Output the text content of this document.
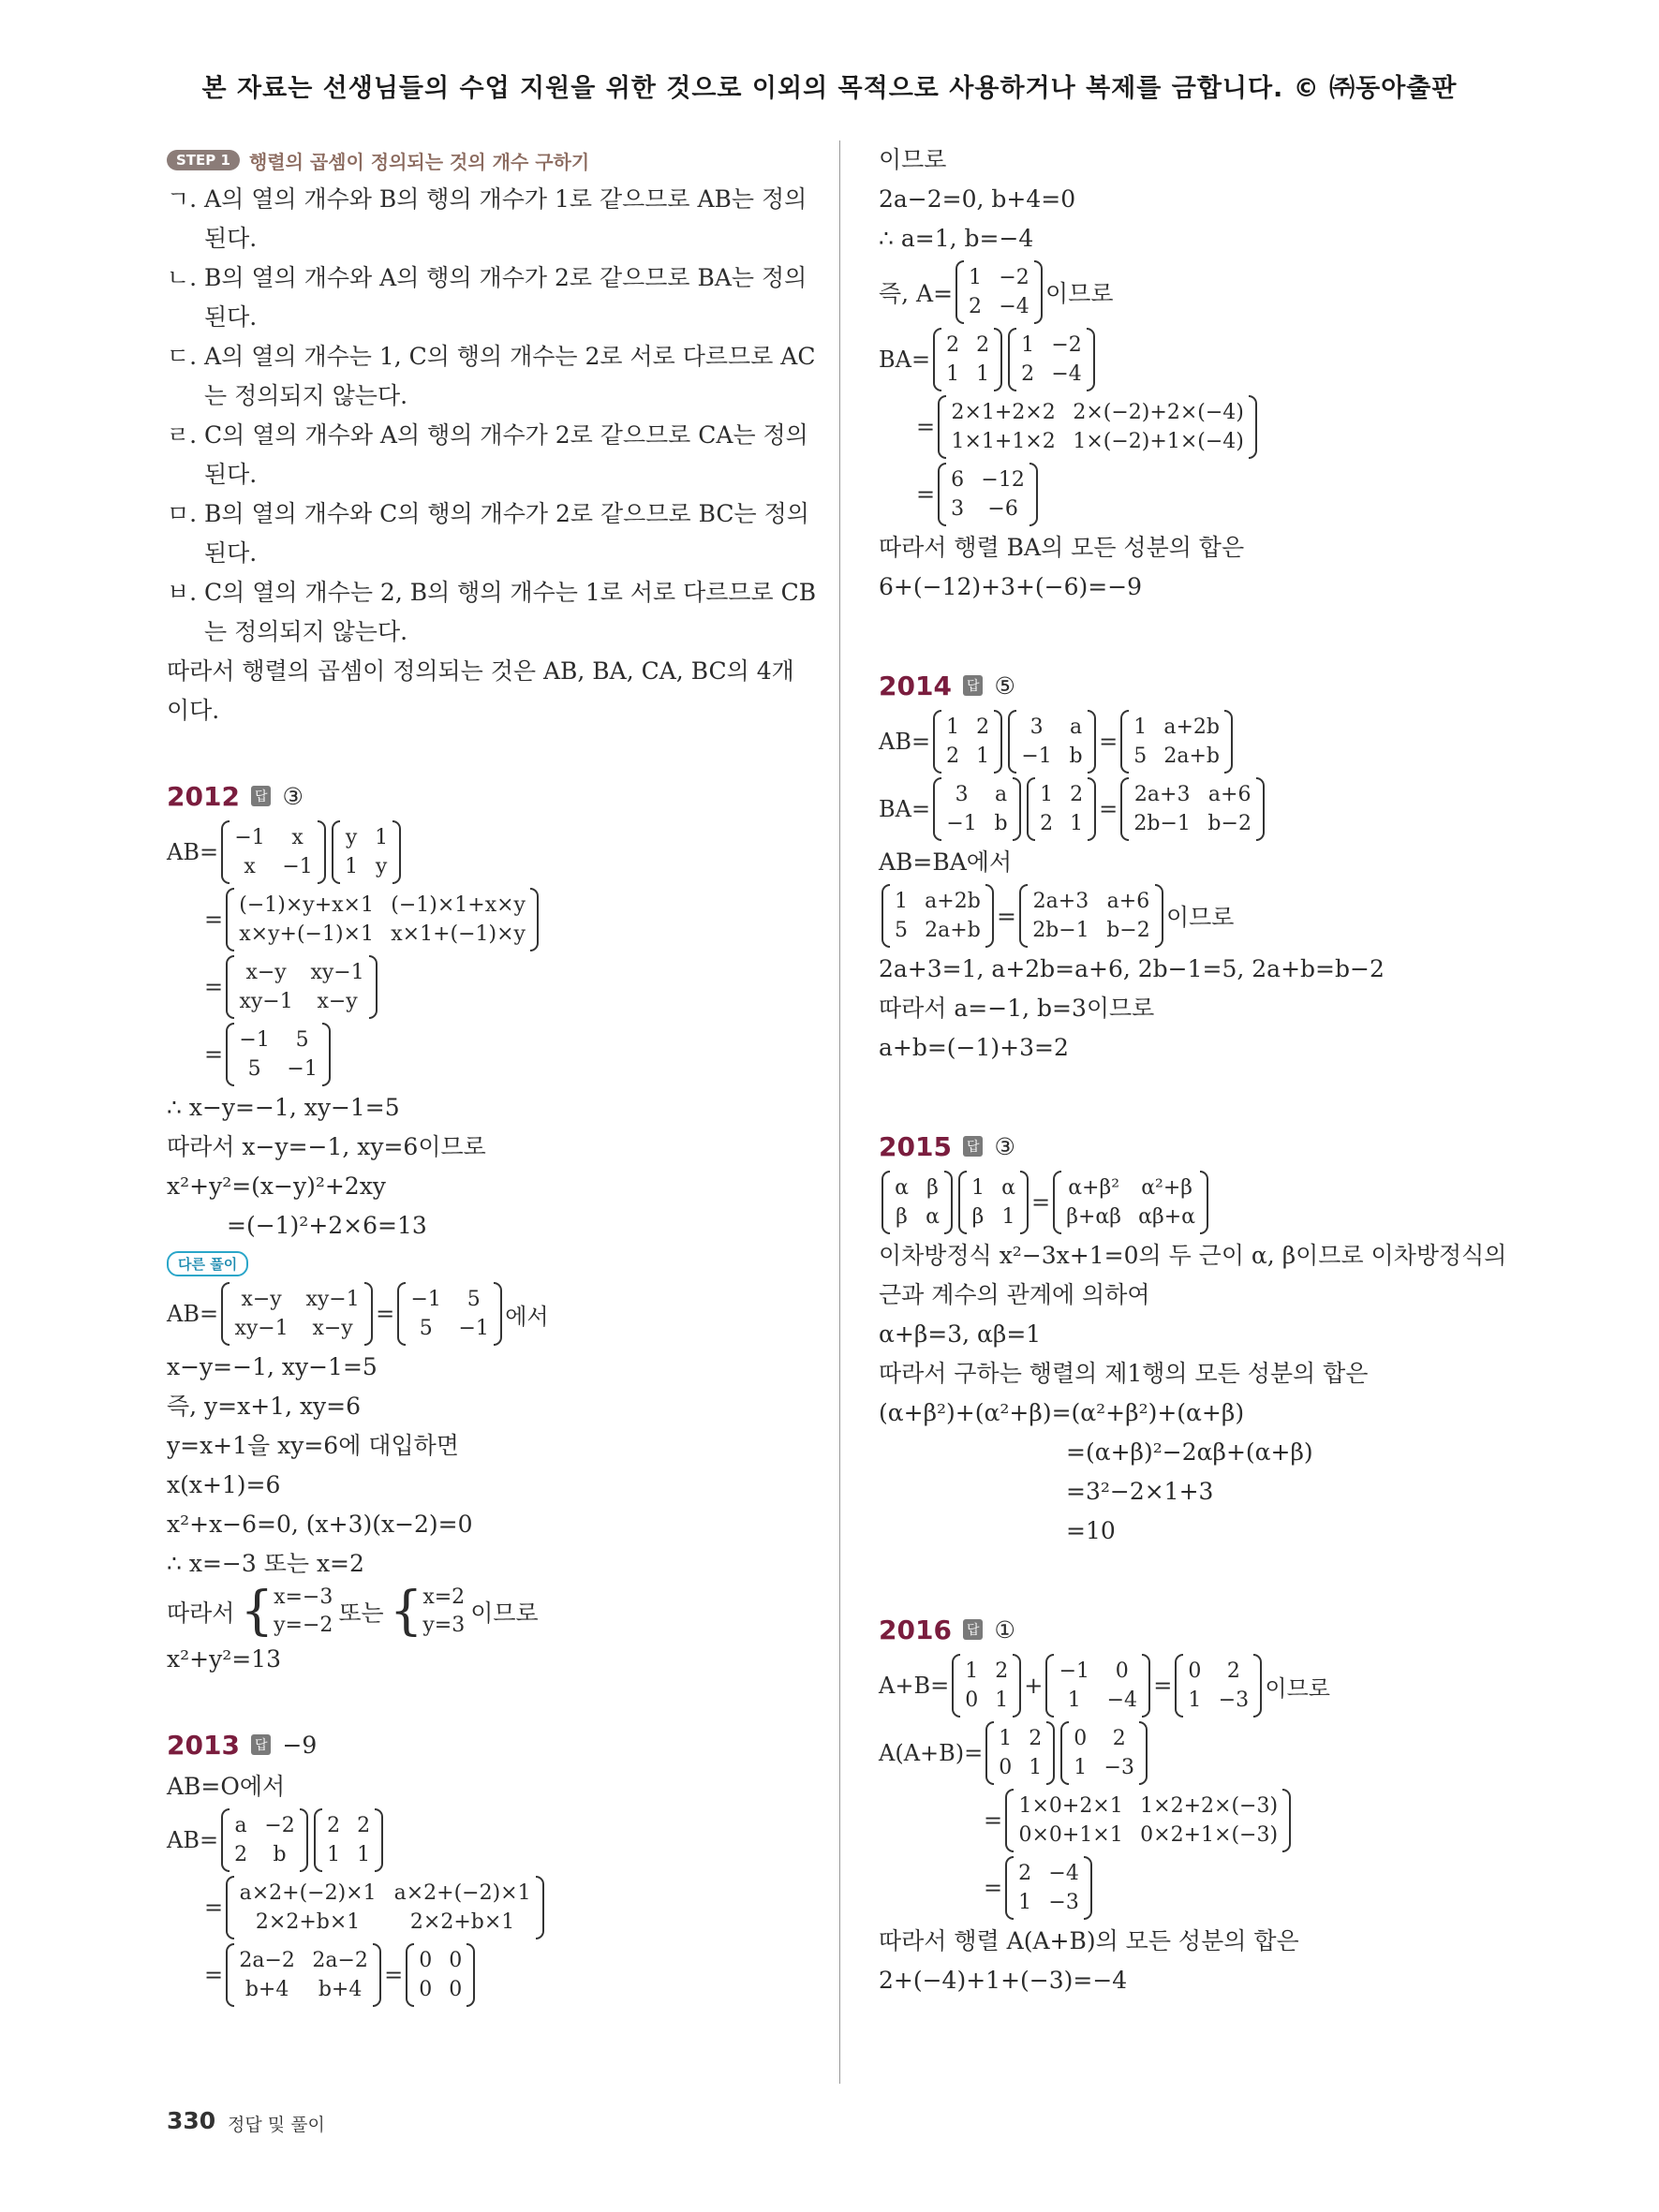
본 자료는 선생님들의 수업 지원을 위한 것으로 이외의 목적으로 사용하거나 복제를 금합니다. © ㈜동아출판
STEP 1	행렬의 곱셈이 정의되는 것의 개수 구하기
ㄱ. A의 열의 개수와 B의 행의 개수가 1로 같으므로 AB는 정의
된다.
ㄴ. B의 열의 개수와 A의 행의 개수가 2로 같으므로 BA는 정의
된다.
ㄷ. A의 열의 개수는 1, C의 행의 개수는 2로 서로 다르므로 AC
는 정의되지 않는다.
ㄹ. C의 열의 개수와 A의 행의 개수가 2로 같으므로 CA는 정의
된다.
ㅁ. B의 열의 개수와 C의 행의 개수가 2로 같으므로 BC는 정의
된다.
ㅂ. C의 열의 개수는 2, B의 행의 개수는 1로 서로 다르므로 CB
는 정의되지 않는다.
따라서 행렬의 곱셈이 정의되는 것은 AB, BA, CA, BC의 4개
이다.
2012 답 ③
AB=
−1	x
x	−1
y 1
1 y
=
(−1)×y+x×1 (−1)×1+x×y
x×y+(−1)×1 x×1+(−1)×y
=
x−y	xy−1
xy−1	x−y
=
−1	5
5	−1
∴ x−y=−1, xy−1=5
따라서 x−y=−1, xy=6이므로
x²+y²=(x−y)²+2xy
=(−1)²+2×6=13
다른 풀이
AB=
x−y	xy−1
xy−1	x−y
=
−1	5
5	−1 에서
x−y=−1, xy−1=5
즉, y=x+1, xy=6
y=x+1을 xy=6에 대입하면
x(x+1)=6
x²+x−6=0, (x+3)(x−2)=0
∴ x=−3 또는 x=2
따라서 { x=−3
y=−2 또는 { x=2
y=3 이므로
x²+y²=13
2013 답 −9
AB=O에서
AB=
a −2
2	b
2 2
1 1
=
a×2+(−2)×1 a×2+(−2)×1
2×2+b×1	2×2+b×1
=
2a−2 2a−2
b+4	b+4
=
0 0
0 0
이므로
2a−2=0, b+4=0
∴ a=1, b=−4
즉, A=
1 −2
2 −4 이므로
BA=
2 2
1 1
1 −2
2 −4
=
2×1+2×2 2×(−2)+2×(−4)
1×1+1×2 1×(−2)+1×(−4)
=
6 −12
3	−6
따라서 행렬 BA의 모든 성분의 합은
6+(−12)+3+(−6)=−9
2014 답 ⑤
AB=
1 2
2 1
3	a
−1 b
=
1 a+2b
5 2a+b
BA=
3	a
−1 b
1 2
2 1
=
2a+3 a+6
2b−1 b−2
AB=BA에서
1 a+2b
5 2a+b
=
2a+3 a+6
2b−1 b−2 이므로
2a+3=1, a+2b=a+6, 2b−1=5, 2a+b=b−2
따라서 a=−1, b=3이므로
a+b=(−1)+3=2
2015 답 ③
α β
β α
1 α
β 1
=
α+β² α²+β
β+αβ αβ+α
이차방정식 x²−3x+1=0의 두 근이 α, β이므로 이차방정식의
근과 계수의 관계에 의하여
α+β=3, αβ=1
따라서 구하는 행렬의 제1행의 모든 성분의 합은
(α+β²)+(α²+β)=(α²+β²)+(α+β)
=(α+β)²−2αβ+(α+β)
=3²−2×1+3
=10
2016 답 ①
A+B=
1 2
0 1
+
−1	0
1	−4
=
0	2
1 −3 이므로
A(A+B)=
1 2
0 1
0	2
1 −3
=
1×0+2×1 1×2+2×(−3)
0×0+1×1 0×2+1×(−3)
=
2 −4
1 −3
따라서 행렬 A(A+B)의 모든 성분의 합은
2+(−4)+1+(−3)=−4
330 정답 및 풀이
